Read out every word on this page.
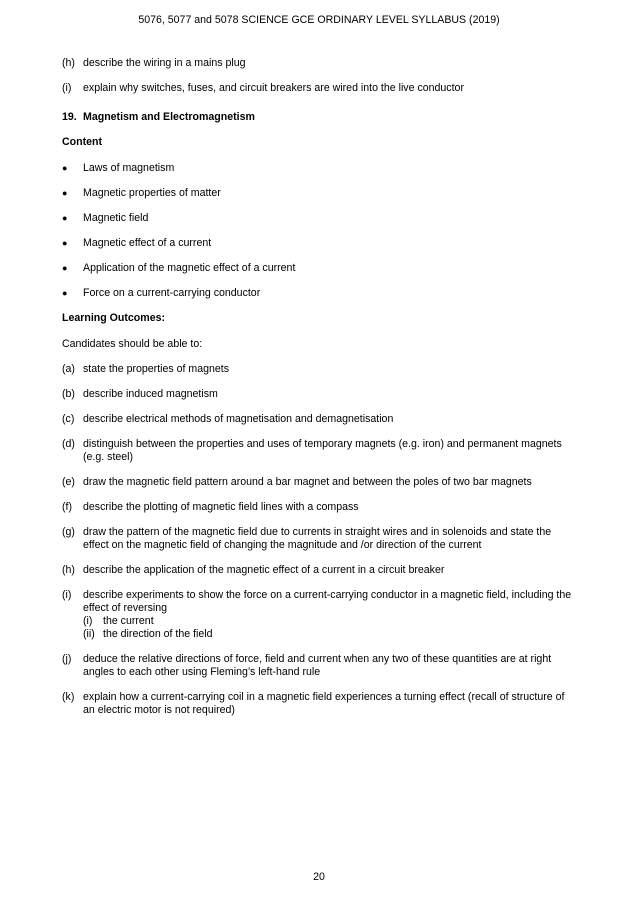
5076, 5077 and 5078 SCIENCE GCE ORDINARY LEVEL SYLLABUS (2019)
(h) describe the wiring in a mains plug
(i)	explain why switches, fuses, and circuit breakers are wired into the live conductor
19. Magnetism and Electromagnetism
Content
●	Laws of magnetism
●	Magnetic properties of matter
●	Magnetic field
●	Magnetic effect of a current
●	Application of the magnetic effect of a current
●	Force on a current-carrying conductor
Learning Outcomes:
Candidates should be able to:
(a) state the properties of magnets
(b) describe induced magnetism
(c) describe electrical methods of magnetisation and demagnetisation
(d) distinguish between the properties and uses of temporary magnets (e.g. iron) and permanent magnets (e.g. steel)
(e) draw the magnetic field pattern around a bar magnet and between the poles of two bar magnets
(f)	describe the plotting of magnetic field lines with a compass
(g) draw the pattern of the magnetic field due to currents in straight wires and in solenoids and state the effect on the magnetic field of changing the magnitude and /or direction of the current
(h) describe the application of the magnetic effect of a current in a circuit breaker
(i)	describe experiments to show the force on a current-carrying conductor in a magnetic field, including the effect of reversing
(i) the current
(ii) the direction of the field
(j)	deduce the relative directions of force, field and current when any two of these quantities are at right angles to each other using Fleming’s left-hand rule
(k) explain how a current-carrying coil in a magnetic field experiences a turning effect (recall of structure of an electric motor is not required)
20
